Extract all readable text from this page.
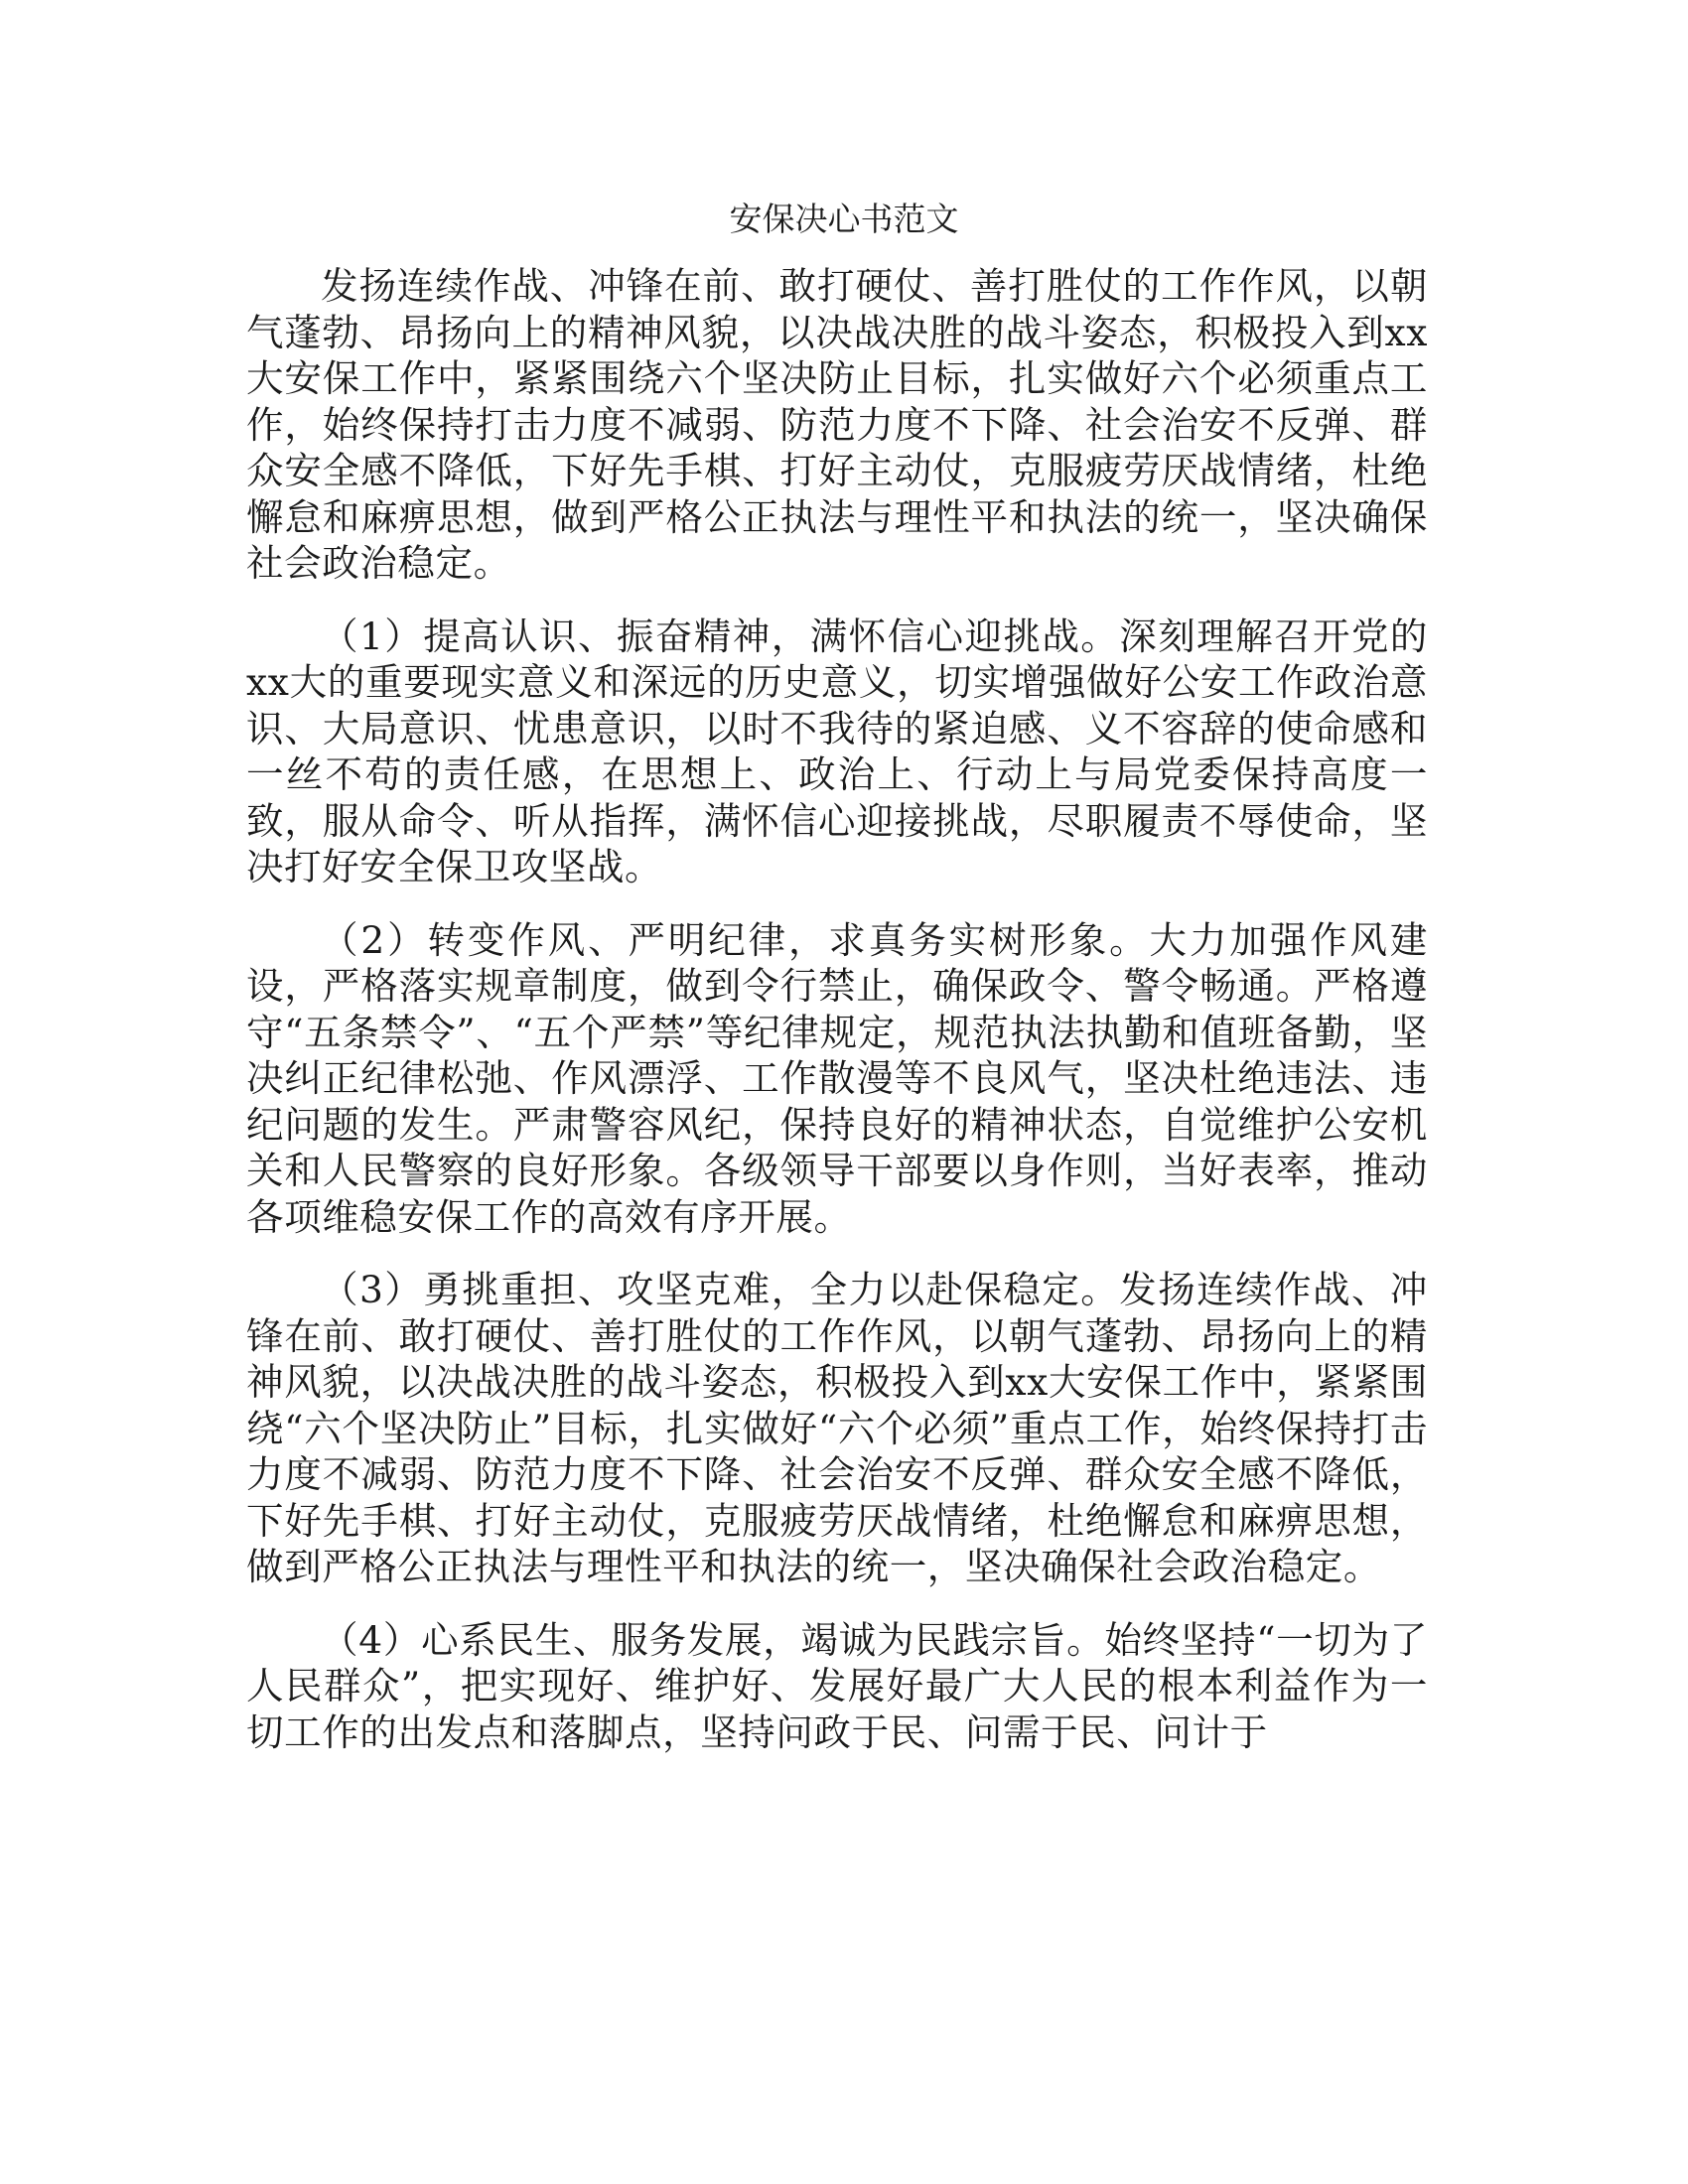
安保决心书范文

发扬连续作战、冲锋在前、敢打硬仗、善打胜仗的工作作风，以朝气蓬勃、昂扬向上的精神风貌，以决战决胜的战斗姿态，积极投入到xx大安保工作中，紧紧围绕六个坚决防止目标，扎实做好六个必须重点工作，始终保持打击力度不减弱、防范力度不下降、社会治安不反弹、群众安全感不降低，下好先手棋、打好主动仗，克服疲劳厌战情绪，杜绝懈怠和麻痹思想，做到严格公正执法与理性平和执法的统一，坚决确保社会政治稳定。

（1）提高认识、振奋精神，满怀信心迎挑战。深刻理解召开党的xx大的重要现实意义和深远的历史意义，切实增强做好公安工作政治意识、大局意识、忧患意识，以时不我待的紧迫感、义不容辞的使命感和一丝不苟的责任感，在思想上、政治上、行动上与局党委保持高度一致，服从命令、听从指挥，满怀信心迎接挑战，尽职履责不辱使命，坚决打好安全保卫攻坚战。

（2）转变作风、严明纪律，求真务实树形象。大力加强作风建设，严格落实规章制度，做到令行禁止，确保政令、警令畅通。严格遵守“五条禁令”、“五个严禁”等纪律规定，规范执法执勤和值班备勤，坚决纠正纪律松弛、作风漂浮、工作散漫等不良风气，坚决杜绝违法、违纪问题的发生。严肃警容风纪，保持良好的精神状态，自觉维护公安机关和人民警察的良好形象。各级领导干部要以身作则，当好表率，推动各项维稳安保工作的高效有序开展。

（3）勇挑重担、攻坚克难，全力以赴保稳定。发扬连续作战、冲锋在前、敢打硬仗、善打胜仗的工作作风，以朝气蓬勃、昂扬向上的精神风貌，以决战决胜的战斗姿态，积极投入到xx大安保工作中，紧紧围绕“六个坚决防止”目标，扎实做好“六个必须”重点工作，始终保持打击力度不减弱、防范力度不下降、社会治安不反弹、群众安全感不降低，下好先手棋、打好主动仗，克服疲劳厌战情绪，杜绝懈怠和麻痹思想，做到严格公正执法与理性平和执法的统一，坚决确保社会政治稳定。

（4）心系民生、服务发展，竭诚为民践宗旨。始终坚持“一切为了人民群众”，把实现好、维护好、发展好最广大人民的根本利益作为一切工作的出发点和落脚点，坚持问政于民、问需于民、问计于
